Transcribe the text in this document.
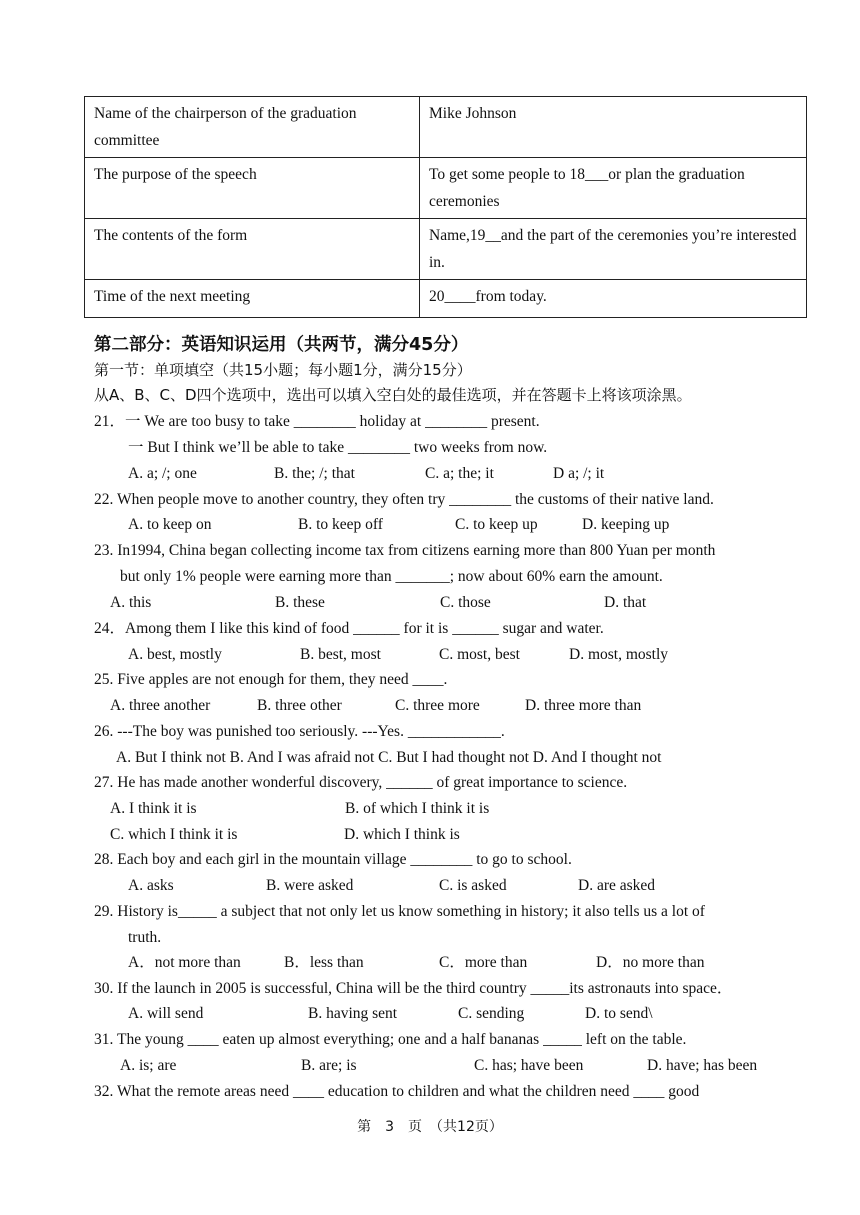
Name of the chairperson of the graduation committee	Mike Johnson
The purpose of the speech	To get some people to 18___or plan the graduation ceremonies
The contents of the form	Name,19__and the part of the ceremonies you’re interested in.
Time of the next meeting	20____from today.
第二部分：英语知识运用（共两节，满分45分）
第一节：单项填空（共15小题；每小题1分，满分15分）
从A、B、C、D四个选项中，选出可以填入空白处的最佳选项，并在答题卡上将该项涂黑。
21．一 We are too busy to take ________ holiday at ________ present.
一 But I think we’ll be able to take ________ two weeks from now.
A. a; /; one	B. the; /; that	C. a; the; it	D a; /; it
22. When people move to another country, they often try ________ the customs of their native land.
A. to keep on	B. to keep off	C. to keep up	D. keeping up
23. In1994, China began collecting income tax from citizens earning more than 800 Yuan per month
but only 1% people were earning more than _______; now about 60% earn the amount.
A. this	B. these	C. those	D. that
24．Among them I like this kind of food ______ for it is ______ sugar and water.
A. best, mostly	B. best, most	C. most, best	D. most, mostly
25. Five apples are not enough for them, they need ____.
A. three another	B. three other	C. three more	D. three more than
26. ---The boy was punished too seriously. ---Yes. ____________.
A. But I think not B. And I was afraid not C. But I had thought not D. And I thought not
27. He has made another wonderful discovery, ______ of great importance to science.
A. I think it is	B. of which I think it is
C. which I think it is	D. which I think is
28. Each boy and each girl in the mountain village ________ to go to school.
A. asks	B. were asked	C. is asked	D. are asked
29. History is_____ a subject that not only let us know something in history; it also tells us a lot of
truth.
A．not more than	B．less than	C．more than	D．no more than
30. If the launch in 2005 is successful, China will be the third country _____its astronauts into space．
A. will send	B. having sent	C. sending	D. to send\
31. The young ____ eaten up almost everything; one and a half bananas _____ left on the table.
A. is; are	B. are; is	C. has; have been	D. have; has been
32. What the remote areas need ____ education to children and what the children need ____ good
第　3　页　（共12页）
